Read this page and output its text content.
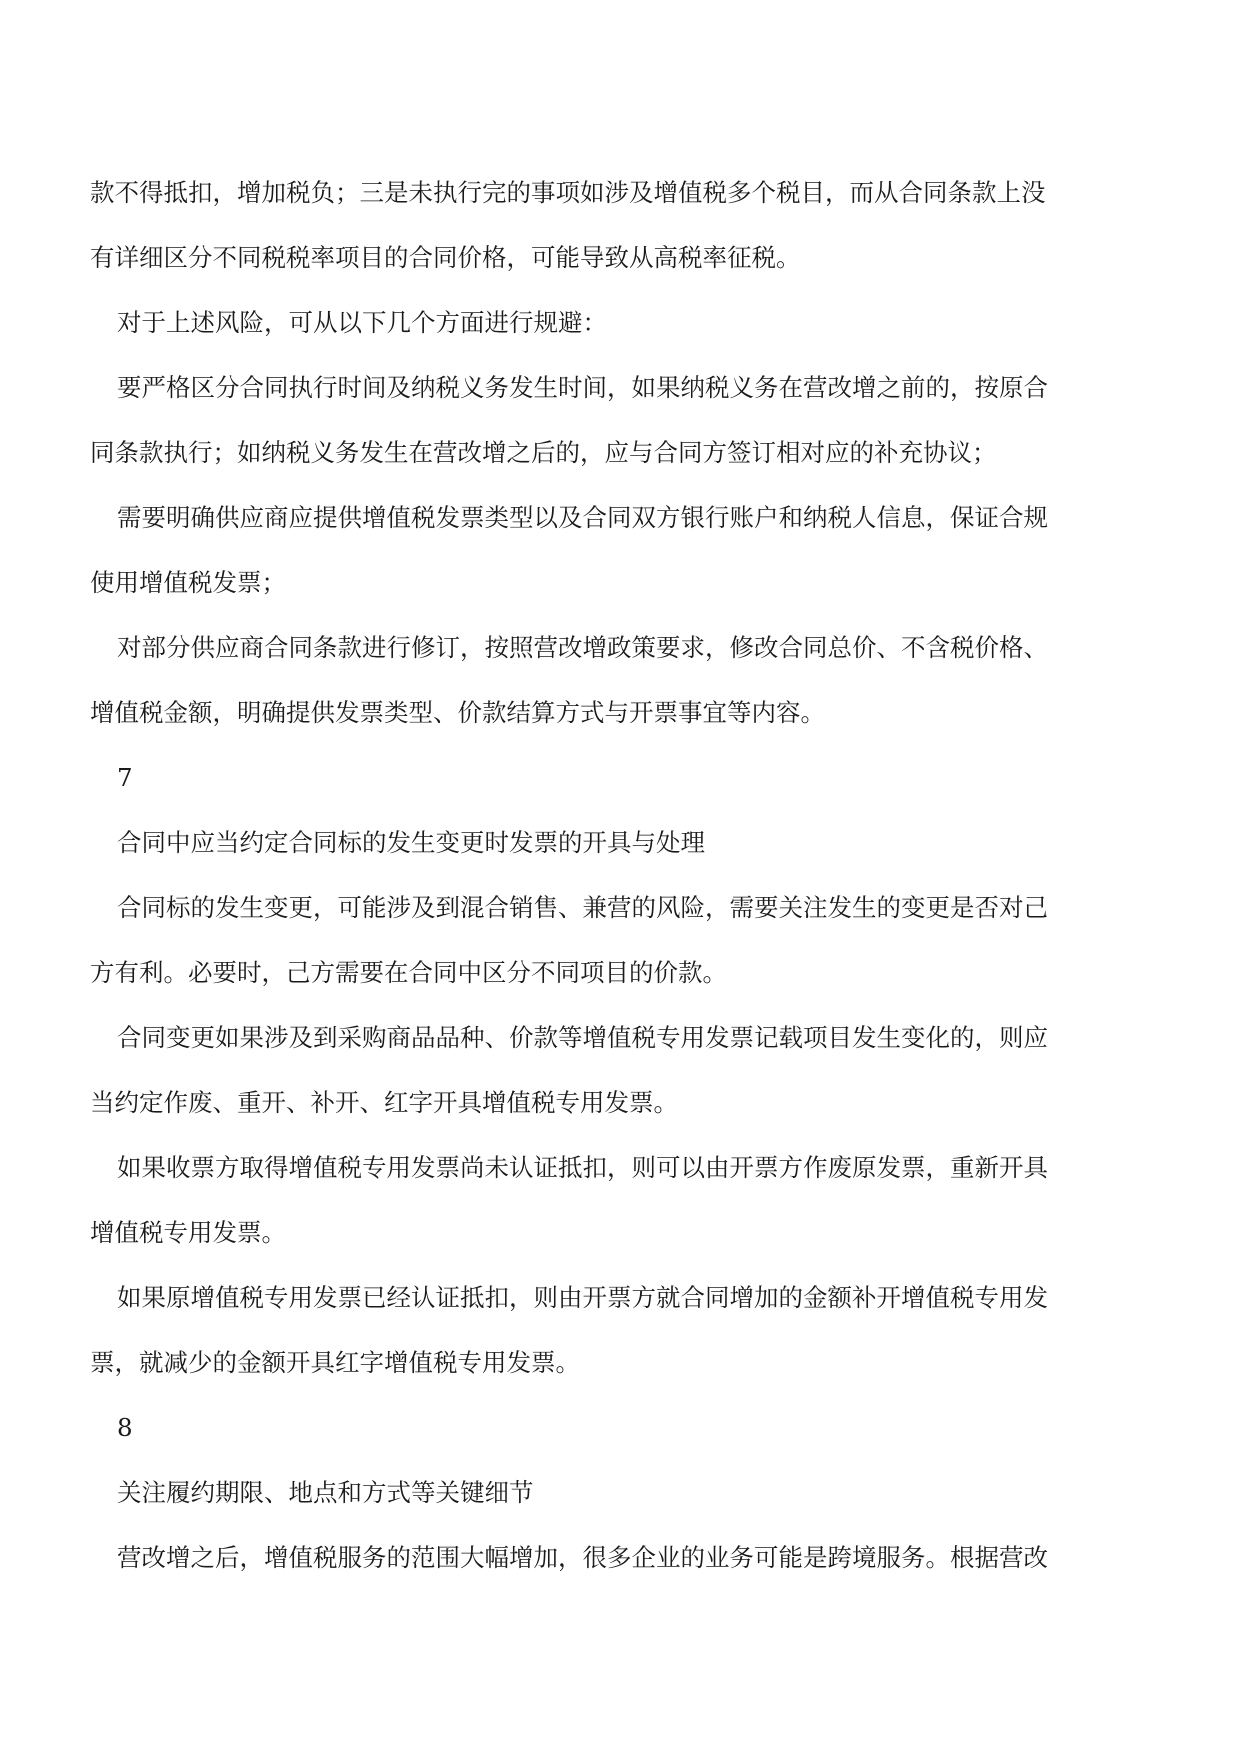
款不得抵扣，增加税负；三是未执行完的事项如涉及增值税多个税目，而从合同条款上没
有详细区分不同税税率项目的合同价格，可能导致从高税率征税。
对于上述风险，可从以下几个方面进行规避：
要严格区分合同执行时间及纳税义务发生时间，如果纳税义务在营改增之前的，按原合
同条款执行；如纳税义务发生在营改增之后的，应与合同方签订相对应的补充协议；
需要明确供应商应提供增值税发票类型以及合同双方银行账户和纳税人信息，保证合规
使用增值税发票；
对部分供应商合同条款进行修订，按照营改增政策要求，修改合同总价、不含税价格、
增值税金额，明确提供发票类型、价款结算方式与开票事宜等内容。
7
合同中应当约定合同标的发生变更时发票的开具与处理
合同标的发生变更，可能涉及到混合销售、兼营的风险，需要关注发生的变更是否对己
方有利。必要时，己方需要在合同中区分不同项目的价款。
合同变更如果涉及到采购商品品种、价款等增值税专用发票记载项目发生变化的，则应
当约定作废、重开、补开、红字开具增值税专用发票。
如果收票方取得增值税专用发票尚未认证抵扣，则可以由开票方作废原发票，重新开具
增值税专用发票。
如果原增值税专用发票已经认证抵扣，则由开票方就合同增加的金额补开增值税专用发
票，就减少的金额开具红字增值税专用发票。
8
关注履约期限、地点和方式等关键细节
营改增之后，增值税服务的范围大幅增加，很多企业的业务可能是跨境服务。根据营改
